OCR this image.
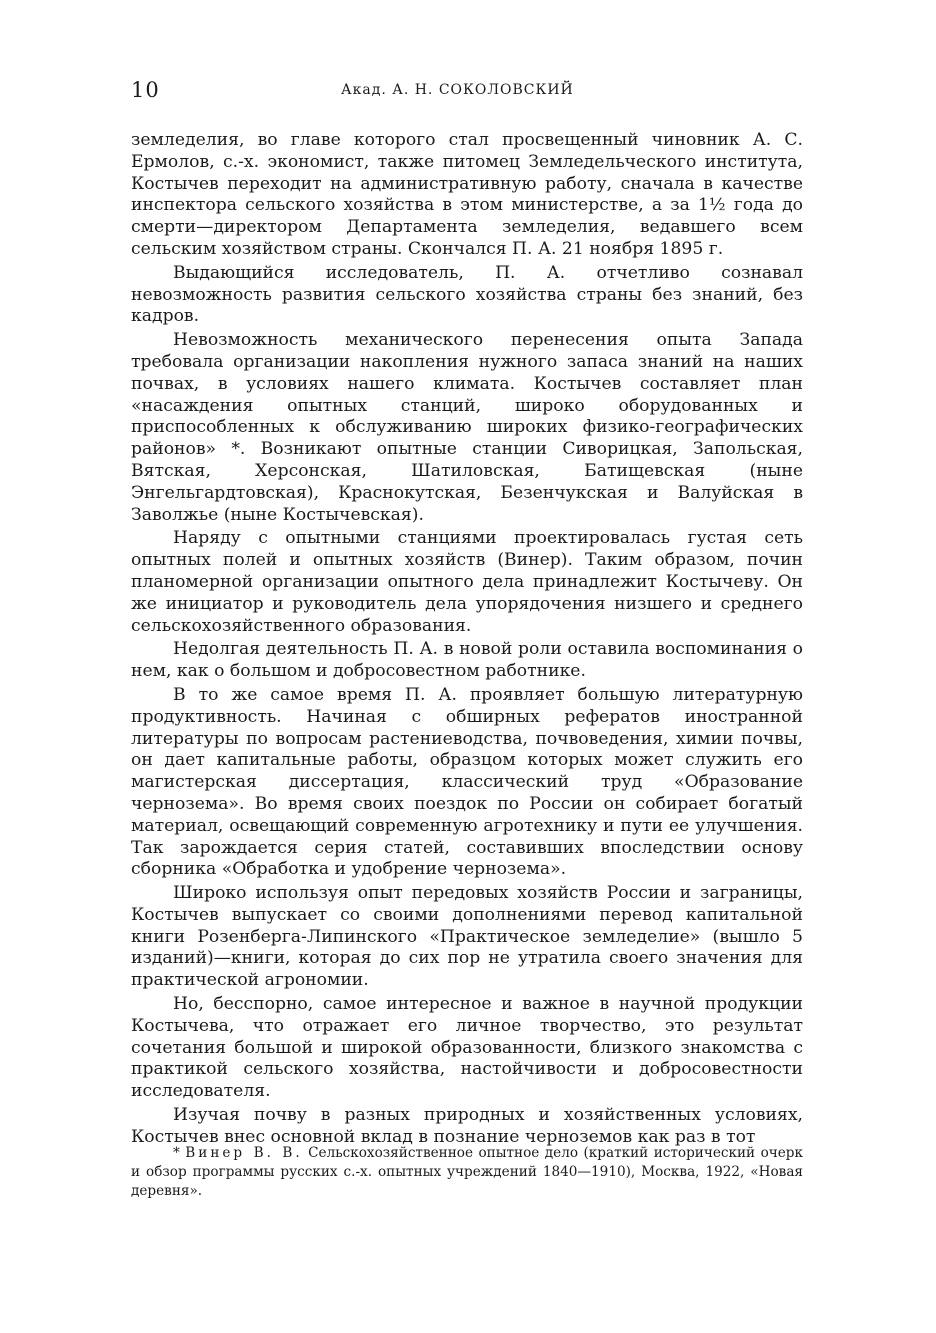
10	Акад. А. Н. СОКОЛОВСКИЙ

земледелия, во главе которого стал просвещенный чиновник А. С. Ермолов, с.-х. экономист, также питомец Земледельческого института, Костычев переходит на административную работу, сначала в качестве инспектора сельского хозяйства в этом министерстве, а за 1½ года до смерти—директором Департамента земледелия, ведавшего всем сельским хозяйством страны. Скончался П. А. 21 ноября 1895 г.

Выдающийся исследователь, П. А. отчетливо сознавал невозможность развития сельского хозяйства страны без знаний, без кадров.

Невозможность механического перенесения опыта Запада требовала организации накопления нужного запаса знаний на наших почвах, в условиях нашего климата. Костычев составляет план «насаждения опытных станций, широко оборудованных и приспособленных к обслуживанию широких физико-географических районов» *. Возникают опытные станции Сиворицкая, Запольская, Вятская, Херсонская, Шатиловская, Батищевская (ныне Энгельгардтовская), Краснокутская, Безенчукская и Валуйская в Заволжье (ныне Костычевская).

Наряду с опытными станциями проектировалась густая сеть опытных полей и опытных хозяйств (Винер). Таким образом, почин планомерной организации опытного дела принадлежит Костычеву. Он же инициатор и руководитель дела упорядочения низшего и среднего сельскохозяйственного образования.

Недолгая деятельность П. А. в новой роли оставила воспоминания о нем, как о большом и добросовестном работнике.

В то же самое время П. А. проявляет большую литературную продуктивность. Начиная с обширных рефератов иностранной литературы по вопросам растениеводства, почвоведения, химии почвы, он дает капитальные работы, образцом которых может служить его магистерская диссертация, классический труд «Образование чернозема». Во время своих поездок по России он собирает богатый материал, освещающий современную агротехнику и пути ее улучшения. Так зарождается серия статей, составивших впоследствии основу сборника «Обработка и удобрение чернозема».

Широко используя опыт передовых хозяйств России и заграницы, Костычев выпускает со своими дополнениями перевод капитальной книги Розенберга-Липинского «Практическое земледелие» (вышло 5 изданий)—книги, которая до сих пор не утратила своего значения для практической агрономии.

Но, бесспорно, самое интересное и важное в научной продукции Костычева, что отражает его личное творчество, это результат сочетания большой и широкой образованности, близкого знакомства с практикой сельского хозяйства, настойчивости и добросовестности исследователя.

Изучая почву в разных природных и хозяйственных условиях, Костычев внес основной вклад в познание черноземов как раз в тот

* Винер В. В. Сельскохозяйственное опытное дело (краткий исторический очерк и обзор программы русских с.-х. опытных учреждений 1840—1910), Москва, 1922, «Новая деревня».
